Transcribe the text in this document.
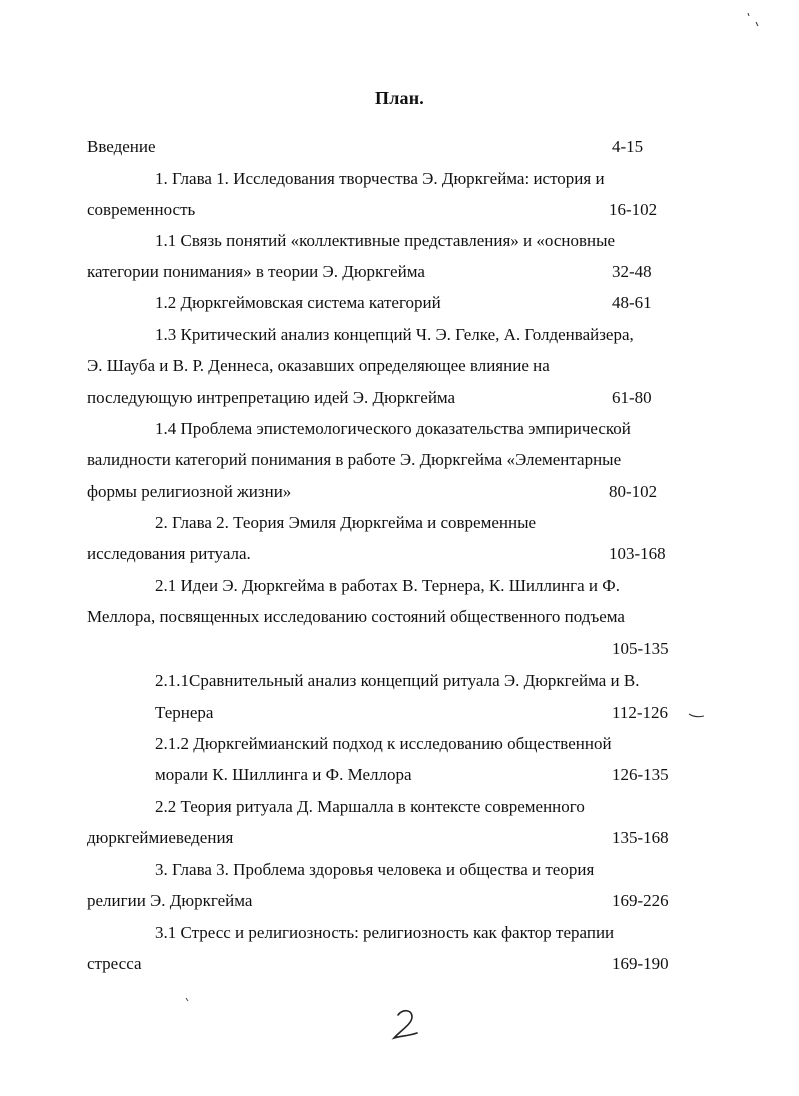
План.
Введение	4-15
1. Глава 1. Исследования творчества Э. Дюркгейма: история и
современность	16-102
1.1 Связь понятий «коллективные представления» и «основные
категории понимания» в теории Э. Дюркгейма	32-48
1.2 Дюркгеймовская система категорий	48-61
1.3 Критический анализ концепций Ч. Э. Гелке, А. Голденвайзера,
Э. Шауба и В. Р. Деннеса, оказавших определяющее влияние на
последующую интрепретацию идей Э. Дюркгейма	61-80
1.4 Проблема эпистемологического доказательства эмпирической
валидности категорий понимания в работе Э. Дюркгейма «Элементарные
формы религиозной жизни»	80-102
2. Глава 2. Теория Эмиля Дюркгейма и современные
исследования ритуала.	103-168
2.1 Идеи Э. Дюркгейма в работах В. Тернера, К. Шиллинга и Ф.
Меллора, посвященных исследованию состояний общественного подъема
105-135
2.1.1Сравнительный анализ концепций ритуала Э. Дюркгейма и В.
Тернера	112-126
2.1.2 Дюркгеймианский подход к исследованию общественной
морали К. Шиллинга и Ф. Меллора	126-135
2.2 Теория ритуала Д. Маршалла в контексте современного
дюркгеймиеведения	135-168
3. Глава 3. Проблема здоровья человека и общества и теория
религии Э. Дюркгейма	169-226
3.1 Стресс и религиозность: религиозность как фактор терапии
стресса	169-190
